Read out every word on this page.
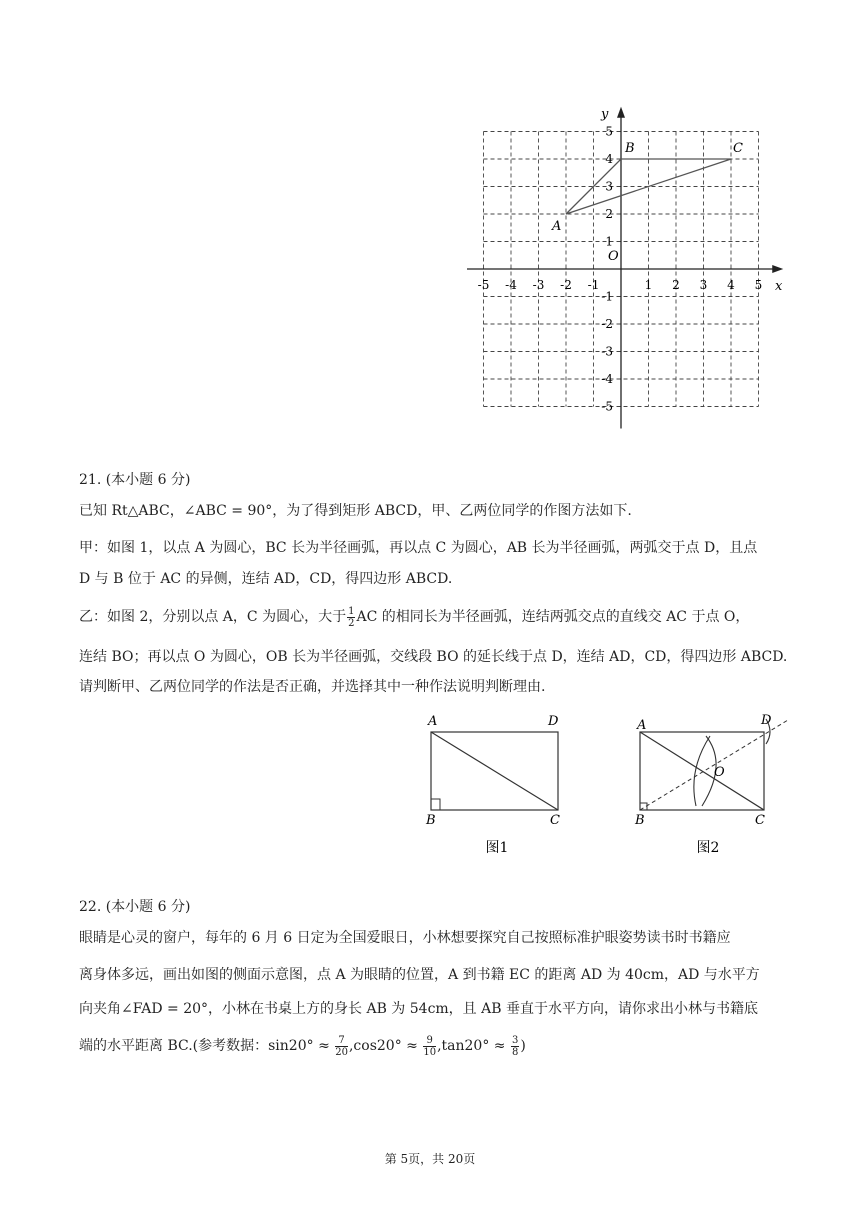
x
y
O
-5 -4 -3 -2 -1	1 2 3 4 5
5
4
3
2
1
-1
-2
-3
-4
-5
A
B	C
21. (本小题 6 分)
已知 Rt△ABC，∠ABC = 90°，为了得到矩形 ABCD，甲、乙两位同学的作图方法如下.
甲：如图 1，以点 A 为圆心，BC 长为半径画弧，再以点 C 为圆心，AB 长为半径画弧，两弧交于点 D，且点
D 与 B 位于 AC 的异侧，连结 AD，CD，得四边形 ABCD.
乙：如图 2，分别以点 A，C 为圆心，大于 $\frac{1}{2}$ AC 的相同长为半径画弧，连结两弧交点的直线交 AC 于点 O，
连结 BO；再以点 O 为圆心，OB 长为半径画弧，交线段 BO 的延长线于点 D，连结 AD，CD，得四边形 ABCD.
请判断甲、乙两位同学的作法是否正确，并选择其中一种作法说明判断理由.
A	D
B	C
图1
A	D
O
B	C
图2
22. (本小题 6 分)
眼睛是心灵的窗户，每年的 6 月 6 日定为全国爱眼日，小林想要探究自己按照标准护眼姿势读书时书籍应
离身体多远，画出如图的侧面示意图，点 A 为眼睛的位置，A 到书籍 EC 的距离 AD 为 40cm，AD 与水平方
向夹角∠FAD = 20°，小林在书桌上方的身长 AB 为 54cm，且 AB 垂直于水平方向，请你求出小林与书籍底
端的水平距离 BC.(参考数据：$\sin 20^\circ \approx \frac{7}{20} ,\cos 20^\circ \approx \frac{9}{10} ,\tan 20^\circ \approx \frac{3}{8}$ )
第 5页，共 20页
